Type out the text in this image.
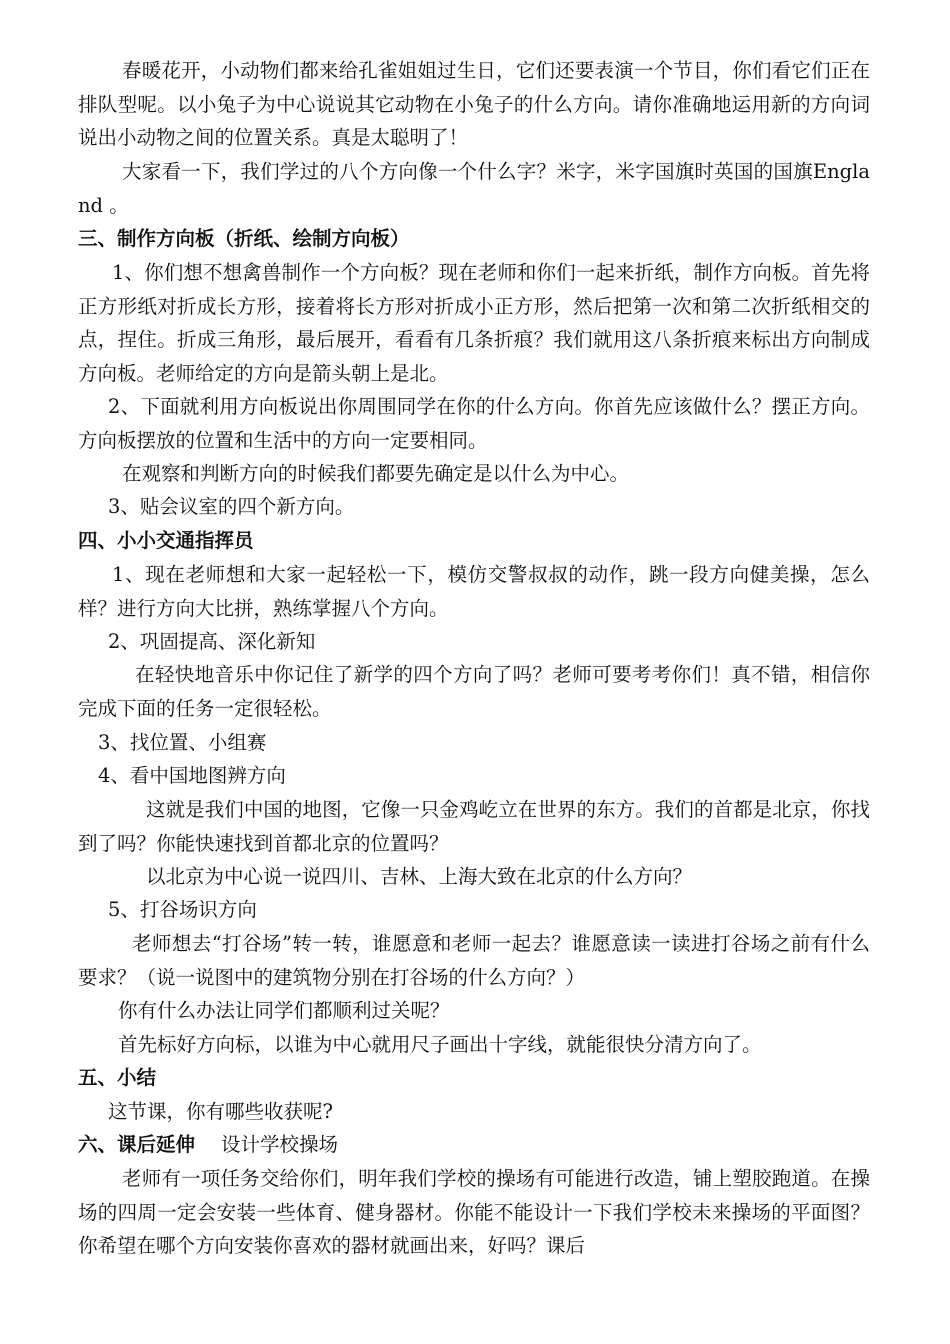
春暖花开，小动物们都来给孔雀姐姐过生日，它们还要表演一个节目，你们看它们正在排队型呢。以小兔子为中心说说其它动物在小兔子的什么方向。请你准确地运用新的方向词说出小动物之间的位置关系。真是太聪明了！

大家看一下，我们学过的八个方向像一个什么字？米字，米字国旗时英国的国旗England 。

三、制作方向板（折纸、绘制方向板）

1、你们想不想禽兽制作一个方向板？现在老师和你们一起来折纸，制作方向板。首先将正方形纸对折成长方形，接着将长方形对折成小正方形，然后把第一次和第二次折纸相交的点，捏住。折成三角形，最后展开，看看有几条折痕？我们就用这八条折痕来标出方向制成方向板。老师给定的方向是箭头朝上是北。

2、下面就利用方向板说出你周围同学在你的什么方向。你首先应该做什么？摆正方向。方向板摆放的位置和生活中的方向一定要相同。

在观察和判断方向的时候我们都要先确定是以什么为中心。

3、贴会议室的四个新方向。

四、小小交通指挥员

1、现在老师想和大家一起轻松一下，模仿交警叔叔的动作，跳一段方向健美操，怎么样？进行方向大比拼，熟练掌握八个方向。

2、巩固提高、深化新知

在轻快地音乐中你记住了新学的四个方向了吗？老师可要考考你们！真不错，相信你完成下面的任务一定很轻松。

3、找位置、小组赛

4、看中国地图辨方向

这就是我们中国的地图，它像一只金鸡屹立在世界的东方。我们的首都是北京，你找到了吗？你能快速找到首都北京的位置吗？

以北京为中心说一说四川、吉林、上海大致在北京的什么方向？

5、打谷场识方向

老师想去“打谷场”转一转，谁愿意和老师一起去？谁愿意读一读进打谷场之前有什么要求？（说一说图中的建筑物分别在打谷场的什么方向？）

你有什么办法让同学们都顺利过关呢？

首先标好方向标，以谁为中心就用尺子画出十字线，就能很快分清方向了。

五、小结

这节课，你有哪些收获呢?

六、课后延伸 设计学校操场

老师有一项任务交给你们，明年我们学校的操场有可能进行改造，铺上塑胶跑道。在操场的四周一定会安装一些体育、健身器材。你能不能设计一下我们学校未来操场的平面图？你希望在哪个方向安装你喜欢的器材就画出来，好吗？课后
